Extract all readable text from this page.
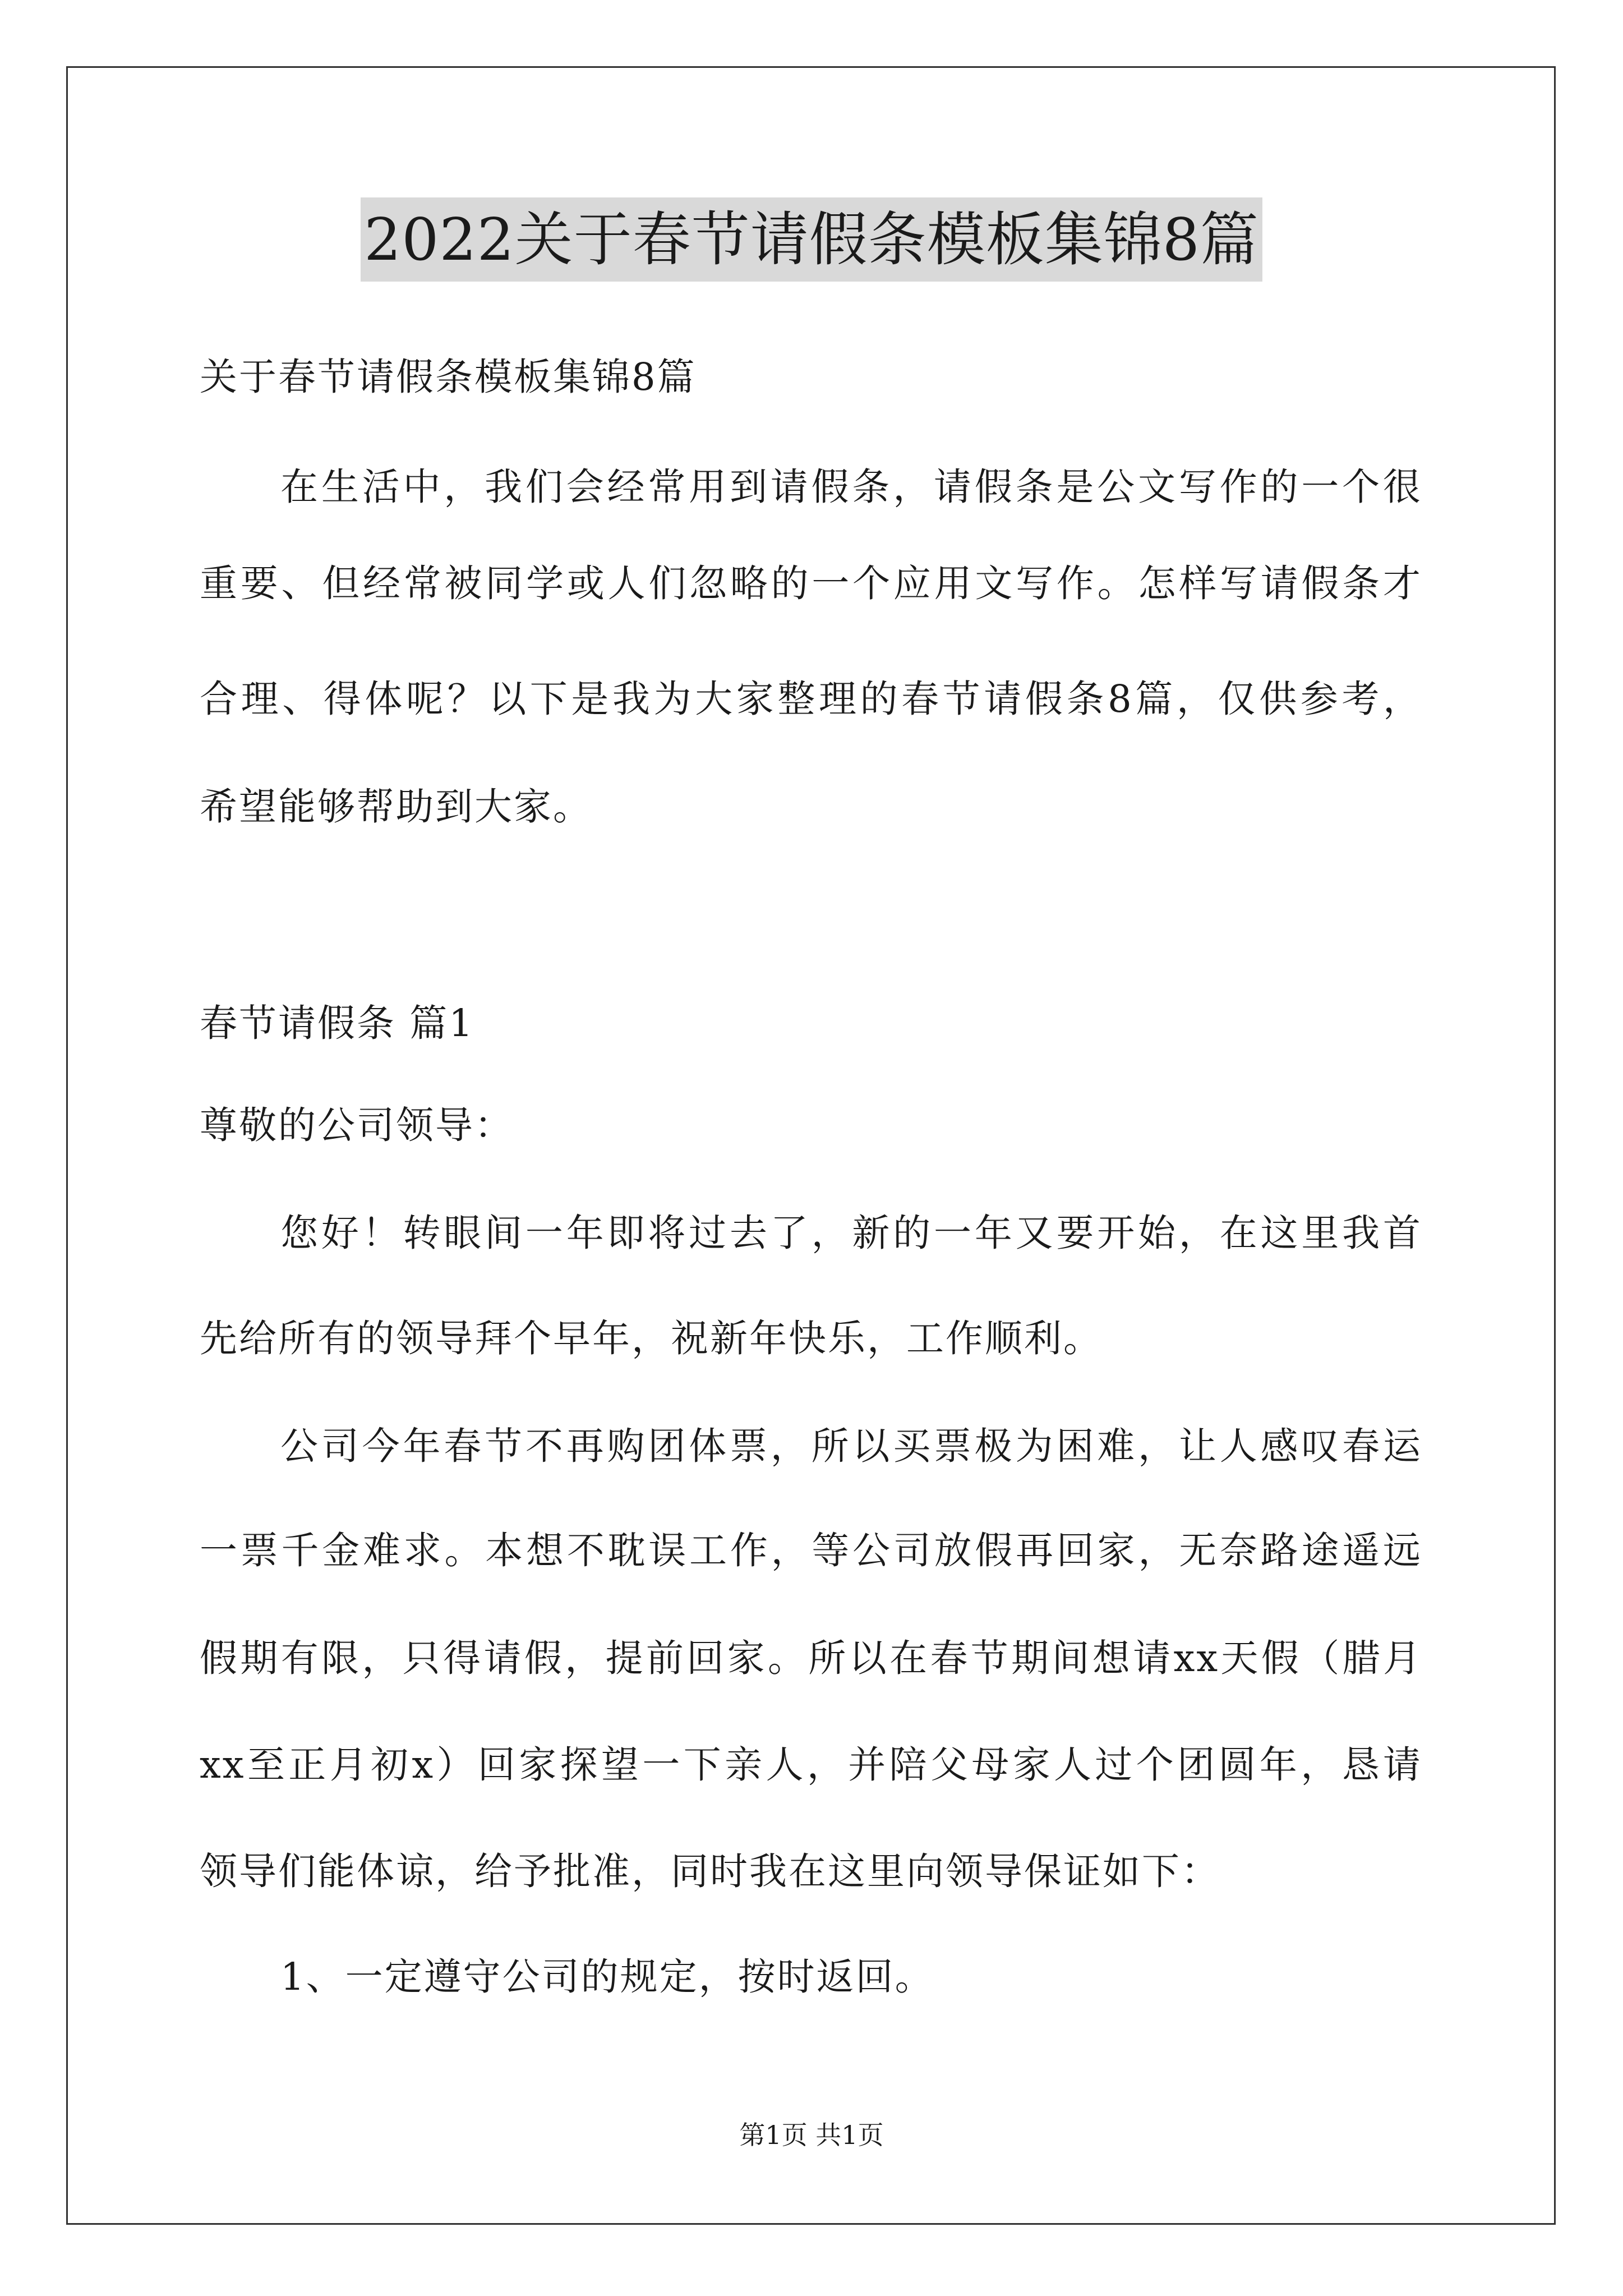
2022关于春节请假条模板集锦8篇
关于春节请假条模板集锦8篇
在生活中，我们会经常用到请假条，请假条是公文写作的一个很
重要、但经常被同学或人们忽略的一个应用文写作。怎样写请假条才
合理、得体呢？以下是我为大家整理的春节请假条8篇，仅供参考，
希望能够帮助到大家。
春节请假条 篇1
尊敬的公司领导：
您好！转眼间一年即将过去了，新的一年又要开始，在这里我首
先给所有的领导拜个早年，祝新年快乐，工作顺利。
公司今年春节不再购团体票，所以买票极为困难，让人感叹春运
一票千金难求。本想不耽误工作，等公司放假再回家，无奈路途遥远
假期有限，只得请假，提前回家。所以在春节期间想请xx天假（腊月
xx至正月初x）回家探望一下亲人，并陪父母家人过个团圆年，恳请
领导们能体谅，给予批准，同时我在这里向领导保证如下：
1、一定遵守公司的规定，按时返回。
第1页 共1页
